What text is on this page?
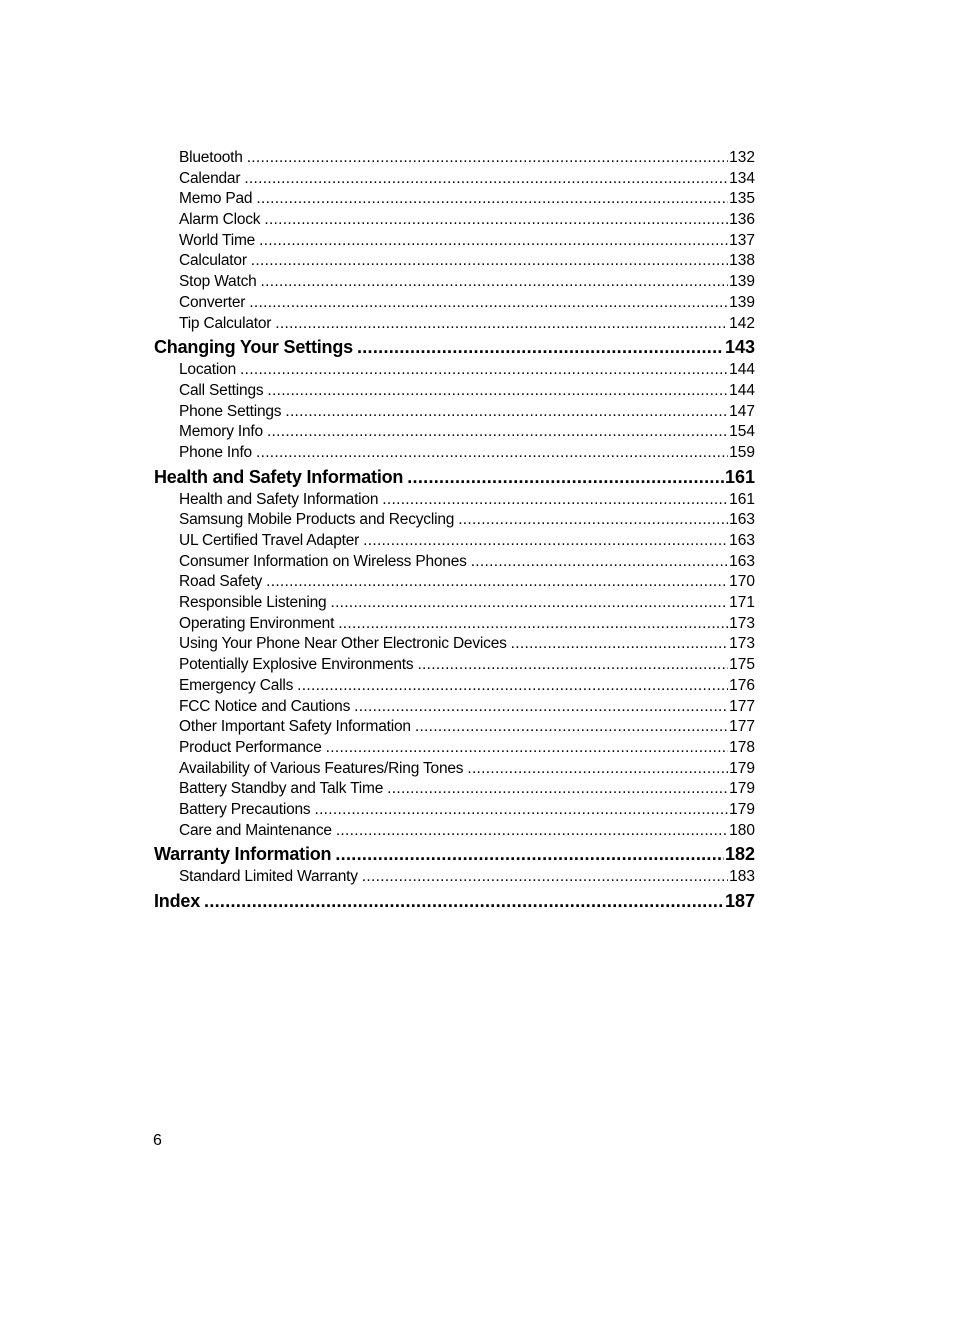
Bluetooth .....	132
Calendar .....	134
Memo Pad .....	135
Alarm Clock .....	136
World Time .....	137
Calculator .....	138
Stop Watch .....	139
Converter .....	139
Tip Calculator .....	142
Changing Your Settings .....	143
Location .....	144
Call Settings .....	144
Phone Settings .....	147
Memory Info .....	154
Phone Info .....	159
Health and Safety Information .....	161
Health and Safety Information .....	161
Samsung Mobile Products and Recycling .....	163
UL Certified Travel Adapter .....	163
Consumer Information on Wireless Phones .....	163
Road Safety .....	170
Responsible Listening .....	171
Operating Environment .....	173
Using Your Phone Near Other Electronic Devices .....	173
Potentially Explosive Environments .....	175
Emergency Calls .....	176
FCC Notice and Cautions .....	177
Other Important Safety Information .....	177
Product Performance .....	178
Availability of Various Features/Ring Tones .....	179
Battery Standby and Talk Time .....	179
Battery Precautions .....	179
Care and Maintenance .....	180
Warranty Information .....	182
Standard Limited Warranty .....	183
Index .....	187
6
